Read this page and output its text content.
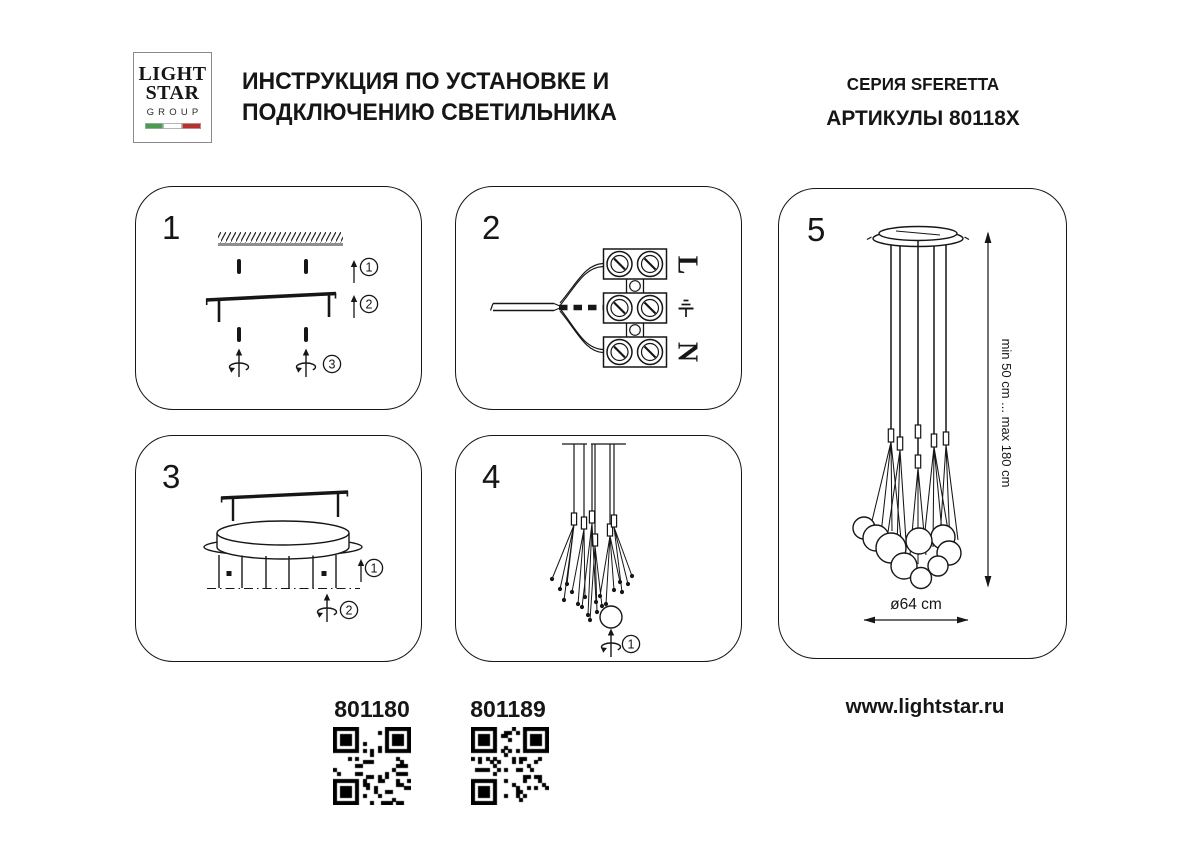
LIGHT
STAR
GROUP
ИНСТРУКЦИЯ ПО УСТАНОВКЕ И
ПОДКЛЮЧЕНИЮ СВЕТИЛЬНИКА
СЕРИЯ SFERETTA
АРТИКУЛЫ 80118X
1
2
3
1
L
N
2
1
2
3
1
4	min 50 cm ... max 180 cm
ø64 cm
5
801180	801189	www.lightstar.ru
